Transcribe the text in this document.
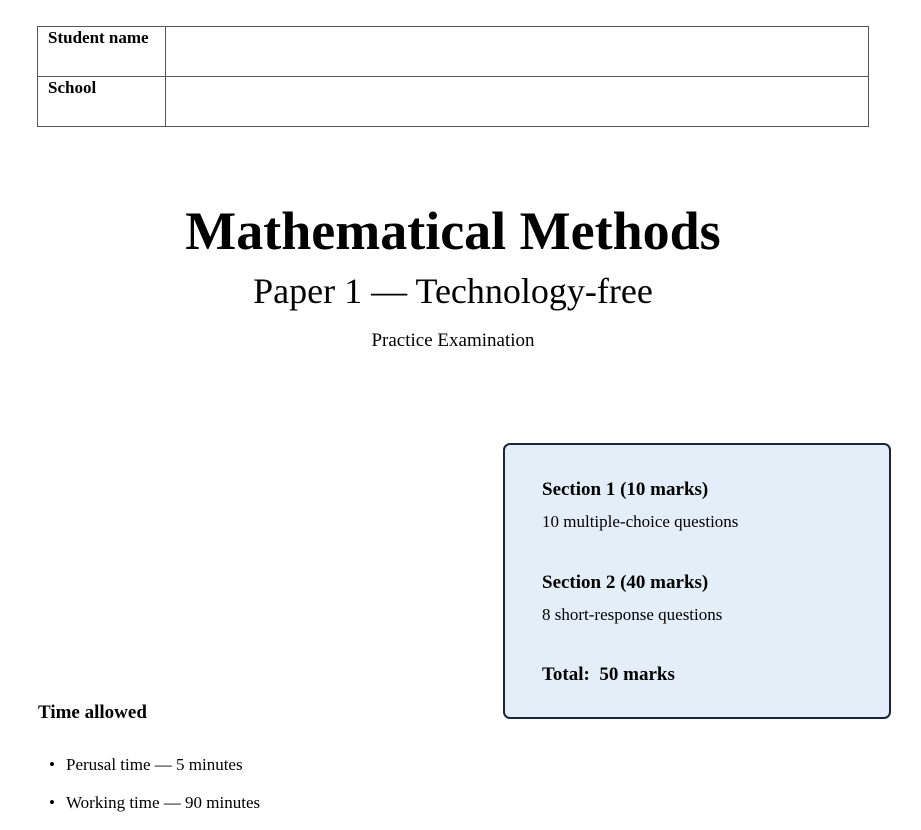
Student name	
School	
Mathematical Methods
Paper 1 — Technology-free
Practice Examination
Section 1 (10 marks)
10 multiple-choice questions
Section 2 (40 marks)
8 short-response questions
Total:  50 marks
Time allowed
• Perusal time — 5 minutes
• Working time — 90 minutes
